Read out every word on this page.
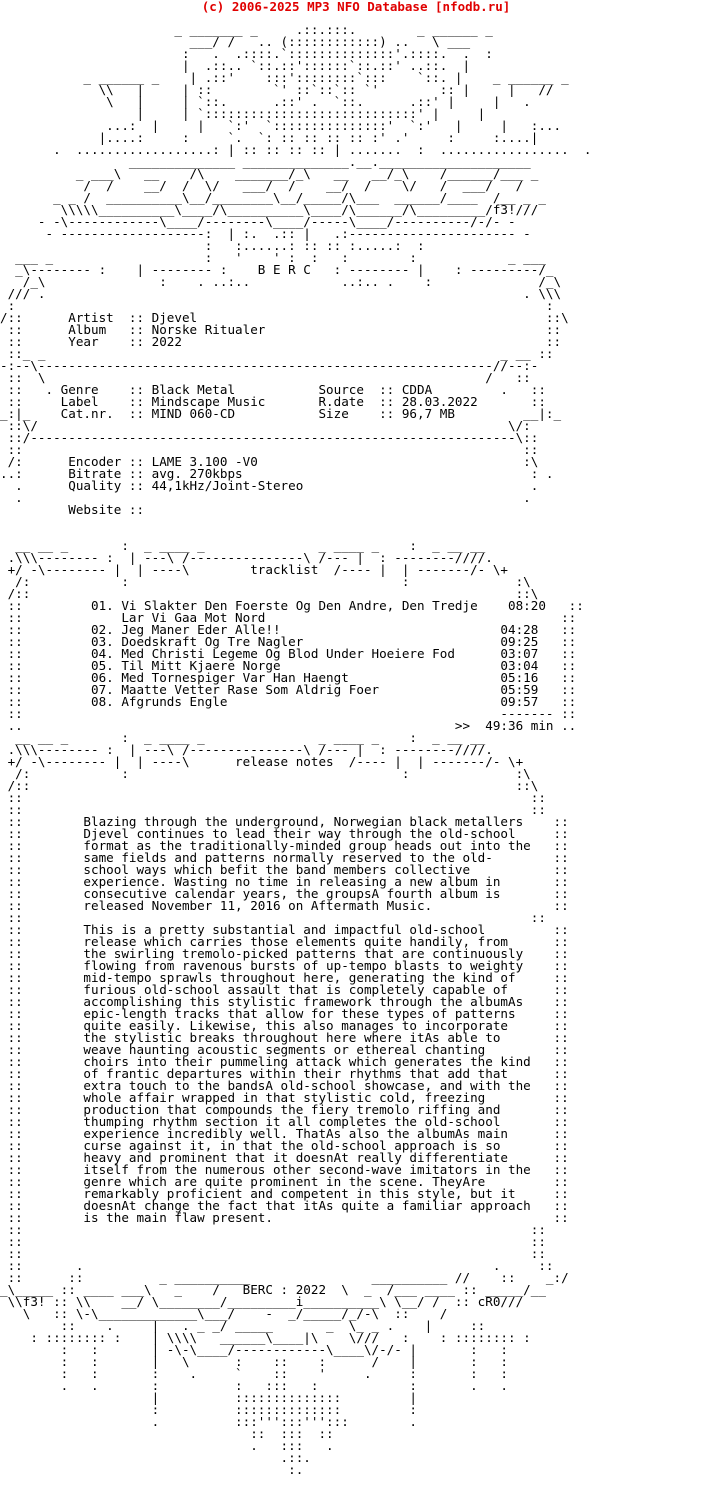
(c) 2006-2025 MP3 NFO Database [nfodb.ru]
_ _______ _     .::.:::.        _ ______ _
___/ /   .. (::::::::::::) ..   \ ___
:   .  .::::.`::::::::::::::'.::::.  .  :
|  .::.. `::.::'::::::`::.::' ..::.  |
_ ______ _    | .::'    :::'::::::::`:::    `::. |    _ ______ _
\\   |     | ::        `' ::`::`:: `'        :: |     |   //
\   |     | `::.      .::' .  `::.      .::' |     |   .
|     | `::::::::::::::::::::::::::::' |     |
...:  |     |   `:'  `:::::::::::::::'  `:'   |     |   :...
|....:     :     `.  `: :: :: :: :: :' .'     :     :....|
.  ..................: | :: :: :: :: | .......  :  .................  .
______________ ______________.__.____________________
_ ___\   __    /\    _______/_\   __   __/_\    /______/___ _
/  /    __/  /  \/   ___/  /    __/  /    \/   /  ___/   /
_ _ /  __________\__/________\__/_____/\___  ______/____  /__ _ _
\\\\\__________\____/\__________\____/\______/\_________/f3!///
- -\------------\____/--------\____/-----\____/----------/-/- -
- -------------------:  | :.  .:: |   .:---------------------- -
:   :......: :: :: :.....:  :
___ _                    :   '    ' :  :   :        :            _ ___
_\-------- :    | -------- :    B E R C   : -------- |    : ---------/_
/_\               :    . ..:..            ..:.. .    :              /_\
/// .                                                               . \\\
:                                                                      :
/::      Artist  :: Djevel                                              ::\
::      Album   :: Norske Ritualer                                     ::
::      Year    :: 2022                                                ::
::_ _                                                            _ __ ::
-:--\------------------------------------------------------------//--:-
::  \                                                          /   ::
::   . Genre    :: Black Metal           Source  :: CDDA         .   ::
::     Label    :: Mindscape Music       R.date  :: 28.03.2022       ::
_:|_    Cat.nr.  :: MIND 060-CD           Size    :: 96,7 MB         __|:_
::\/                                                              \/:
::/----------------------------------------------------------------\::
::                                                                  ::
/:      Encoder :: LAME 3.100 -V0                                   :\
..:      Bitrate :: avg. 270kbps                                      : .
.      Quality :: 44,1kHz/Joint-Stereo                              .
.                                                                  .
Website ::
__ __ _       :  _ ____ _               _ ____ _    :  _ __ __
.\\\-------- :  | ---\ /---------------\ /--- |  : --------////.
+/ -\-------- |  | ----\        tracklist  /---- |  | -------/- \+
/:            :                                    :              :\
/::                                                                ::\
::         01. Vi Slakter Den Foerste Og Den Andre, Den Tredje    08:20   ::
::             Lar Vi Gaa Mot Nord                                       ::
::         02. Jeg Maner Eder Alle!!                             04:28   ::
::         03. Doedskraft Og Tre Nagler                          09:25   ::
::         04. Med Christi Legeme Og Blod Under Hoeiere Fod      03:07   ::
::         05. Til Mitt Kjaere Norge                             03:04   ::
::         06. Med Tornespiger Var Han Haengt                    05:16   ::
::         07. Maatte Vetter Rase Som Aldrig Foer                05:59   ::
::         08. Afgrunds Engle                                    09:57   ::
::                                                               ------- ::
..                                                         >>  49:36 min ..
__ __ _       :  _ ____ _               _ ____ _    :  _ __ __
.\\\-------- :  | ---\ /---------------\ /--- |  : --------////.
+/ -\-------- |  | ----\      release notes  /---- |  | -------/- \+
/:            :                                    :              :\
/::                                                                ::\
::                                                                   ::
::                                                                   ::
::        Blazing through the underground, Norwegian black metallers    ::
::        Djevel continues to lead their way through the old-school     ::
::        format as the traditionally-minded group heads out into the   ::
::        same fields and patterns normally reserved to the old-        ::
::        school ways which befit the band members collective           ::
::        experience. Wasting no time in releasing a new album in       ::
::        consecutive calendar years, the groupsA fourth album is       ::
::        released November 11, 2016 on Aftermath Music.                ::
::                                                                   ::
::        This is a pretty substantial and impactful old-school         ::
::        release which carries those elements quite handily, from      ::
::        the swirling tremolo-picked patterns that are continuously    ::
::        flowing from ravenous bursts of up-tempo blasts to weighty    ::
::        mid-tempo sprawls throughout here, generating the kind of     ::
::        furious old-school assault that is completely capable of      ::
::        accomplishing this stylistic framework through the albumAs    ::
::        epic-length tracks that allow for these types of patterns     ::
::        quite easily. Likewise, this also manages to incorporate      ::
::        the stylistic breaks throughout here where itAs able to       ::
::        weave haunting acoustic segments or ethereal chanting         ::
::        choirs into their pummeling attack which generates the kind   ::
::        of frantic departures within their rhythms that add that      ::
::        extra touch to the bandsA old-school showcase, and with the   ::
::        whole affair wrapped in that stylistic cold, freezing         ::
::        production that compounds the fiery tremolo riffing and       ::
::        thumping rhythm section it all completes the old-school       ::
::        experience incredibly well. ThatAs also the albumAs main      ::
::        curse against it, in that the old-school approach is so       ::
::        heavy and prominent that it doesnAt really differentiate      ::
::        itself from the numerous other second-wave imitators in the   ::
::        genre which are quite prominent in the scene. TheyAre         ::
::        remarkably proficient and competent in this style, but it     ::
::        doesnAt change the fact that itAs quite a familiar approach   ::
::        is the main flaw present.                                     ::
::                                                                   ::
::                                                                   ::
::                                                                   ::
::       .                                                      .     ::
::      ::          _ __________                __________ //    ::    _:/
_\_____ :: ____ ___\   _    /   BERC : 2022  \  _  /___ ____ :: _____/__
\\f3! :: \\    __/ \________/_________i__________\ \__/ /  :: cR0///
\   :: \-\_____________\___/    -  _/_____/_/-\  ::    /
::    .     |   . _ _/ _____       _  \_ _ .    |     ::
: :::::::: :    | \\\\   ______\____|\    \///   :    : :::::::: :
:   :       | -\-\____/------------\____\/-/- |       :   :
:   :       |   \      :    ::    :      /    |       :   :
:   :       :    .     `    ::    '     .     :       :   :
.   .       :          :   :::   :            :       .   .
|          ::::::::::::::         |
:          ::::::::::::::         :
.          :::''':::''':::        .
::  :::  ::
.   :::   .
.::.
:.
